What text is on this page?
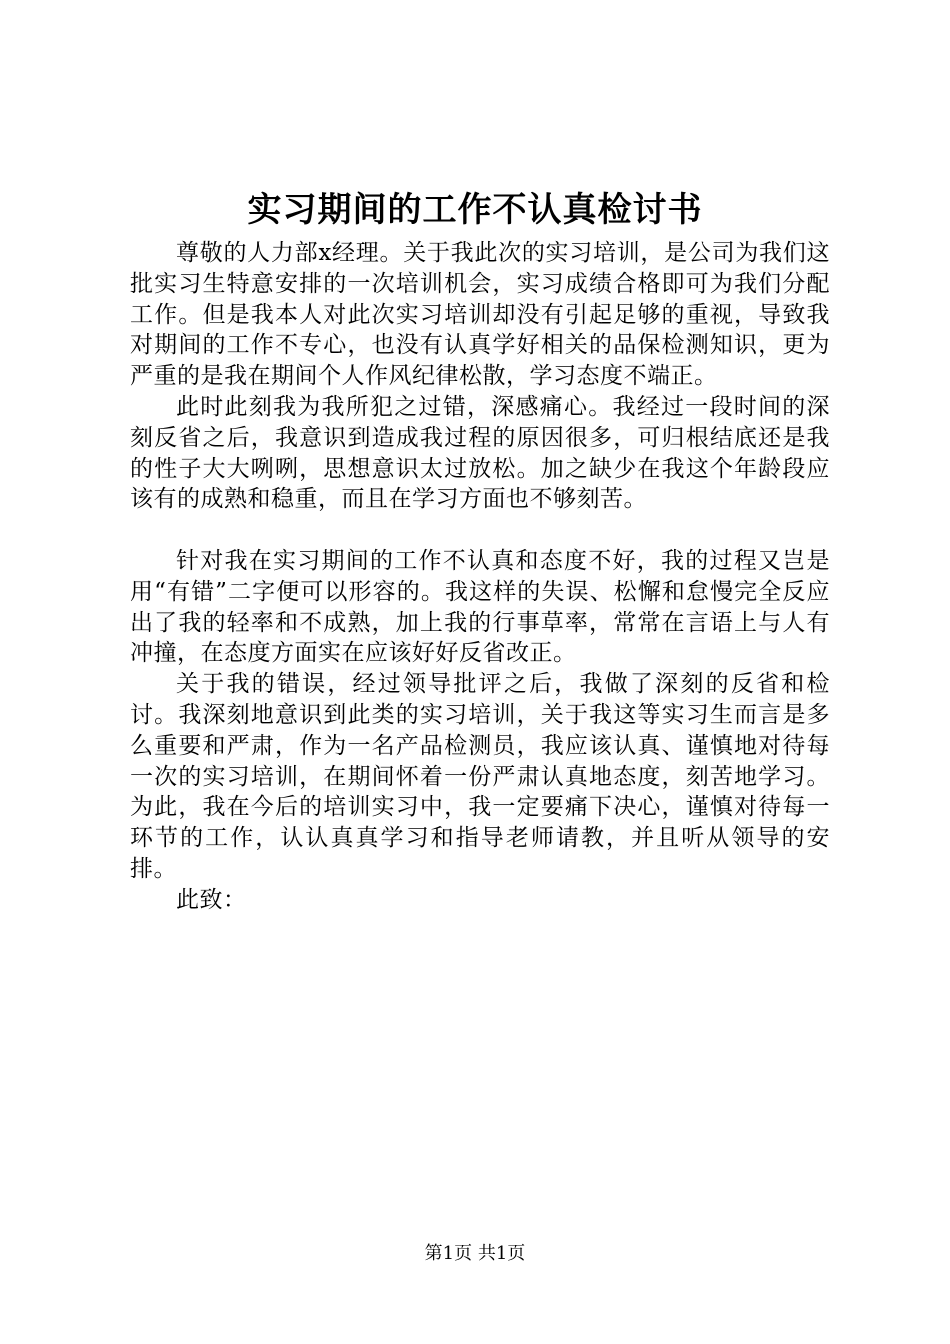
实习期间的工作不认真检讨书

尊敬的人力部x经理。关于我此次的实习培训，是公司为我们这批实习生特意安排的一次培训机会，实习成绩合格即可为我们分配工作。但是我本人对此次实习培训却没有引起足够的重视，导致我对期间的工作不专心，也没有认真学好相关的品保检测知识，更为严重的是我在期间个人作风纪律松散，学习态度不端正。

此时此刻我为我所犯之过错，深感痛心。我经过一段时间的深刻反省之后，我意识到造成我过程的原因很多，可归根结底还是我的性子大大咧咧，思想意识太过放松。加之缺少在我这个年龄段应该有的成熟和稳重，而且在学习方面也不够刻苦。

针对我在实习期间的工作不认真和态度不好，我的过程又岂是用“有错”二字便可以形容的。我这样的失误、松懈和怠慢完全反应出了我的轻率和不成熟，加上我的行事草率，常常在言语上与人有冲撞，在态度方面实在应该好好反省改正。

关于我的错误，经过领导批评之后，我做了深刻的反省和检讨。我深刻地意识到此类的实习培训，关于我这等实习生而言是多么重要和严肃，作为一名产品检测员，我应该认真、谨慎地对待每一次的实习培训，在期间怀着一份严肃认真地态度，刻苦地学习。为此，我在今后的培训实习中，我一定要痛下决心，谨慎对待每一环节的工作，认认真真学习和指导老师请教，并且听从领导的安排。

此致：

第1页 共1页
